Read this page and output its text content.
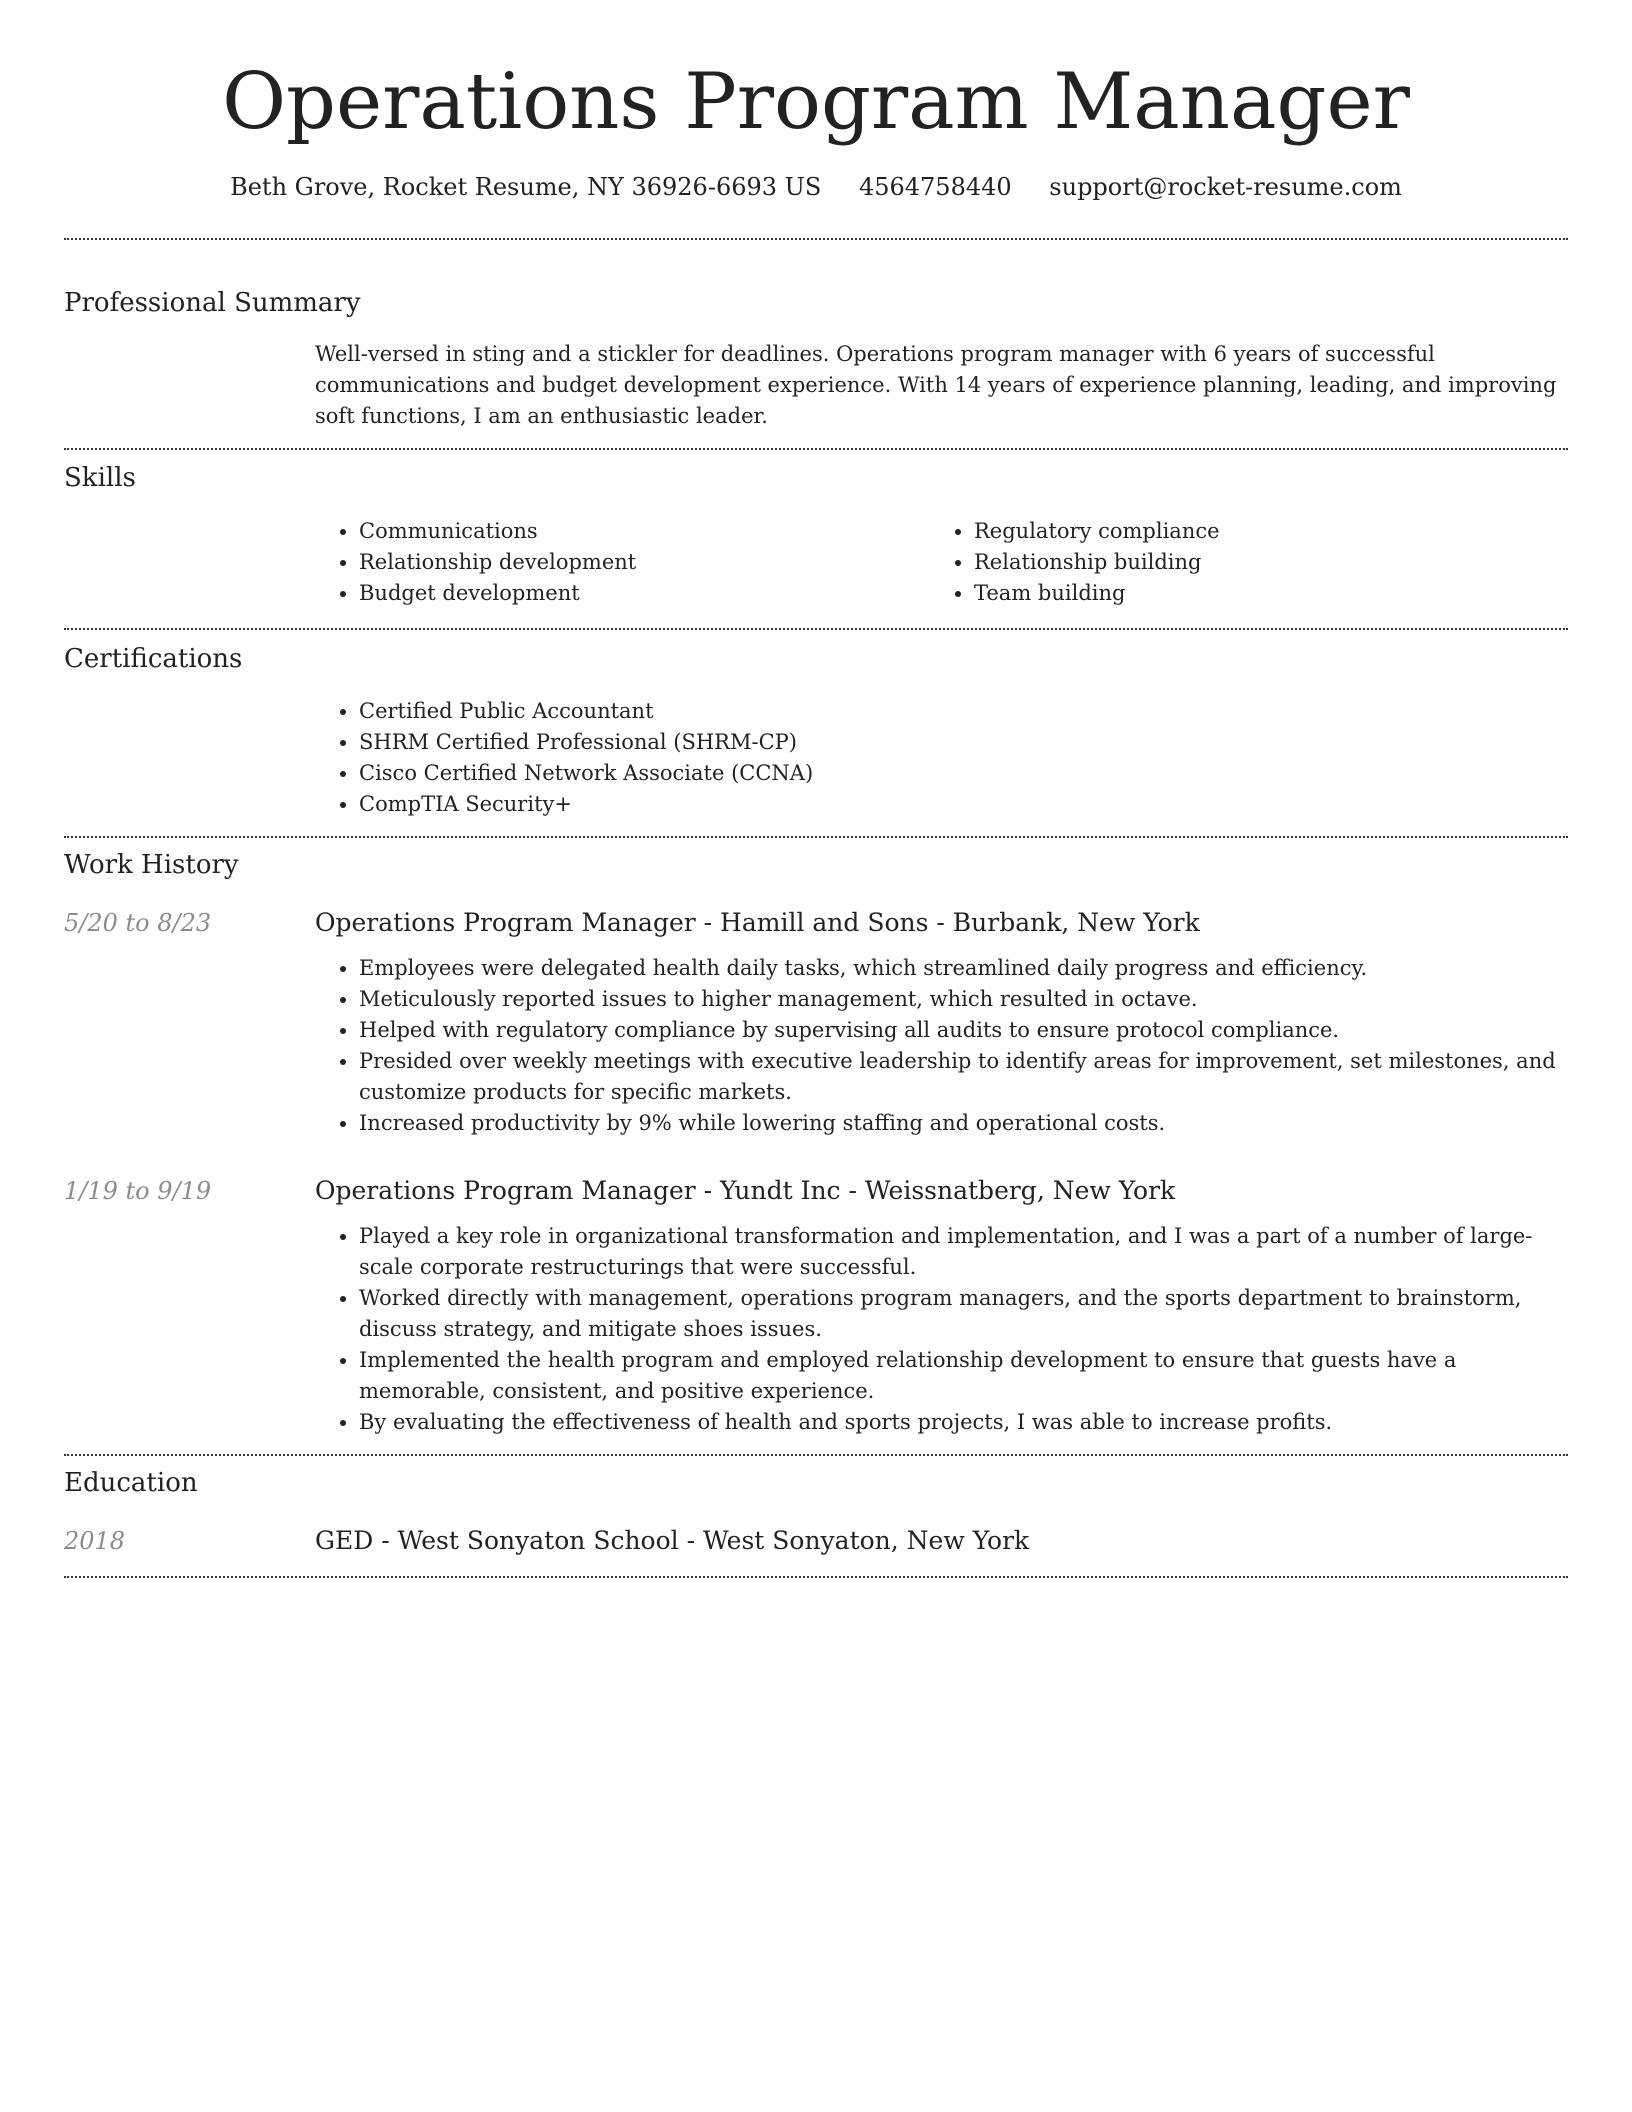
Operations Program Manager
Beth Grove, Rocket Resume, NY 36926-6693 US 4564758440 support@rocket-resume.com
Professional Summary

Well-versed in sting and a stickler for deadlines. Operations program manager with 6 years of successful communications and budget development experience. With 14 years of experience planning, leading, and improving soft functions, I am an enthusiastic leader.

Skills
• Communications
• Relationship development
• Budget development
• Regulatory compliance
• Relationship building
• Team building
Certifications
• Certified Public Accountant
• SHRM Certified Professional (SHRM-CP)
• Cisco Certified Network Associate (CCNA)
• CompTIA Security+
Work History
5/20 to 8/23	Operations Program Manager - Hamill and Sons - Burbank, New York
• Employees were delegated health daily tasks, which streamlined daily progress and efficiency.
• Meticulously reported issues to higher management, which resulted in octave.
• Helped with regulatory compliance by supervising all audits to ensure protocol compliance.
• Presided over weekly meetings with executive leadership to identify areas for improvement, set milestones, and customize products for specific markets.
• Increased productivity by 9% while lowering staffing and operational costs.
1/19 to 9/19	Operations Program Manager - Yundt Inc - Weissnatberg, New York
• Played a key role in organizational transformation and implementation, and I was a part of a number of large-scale corporate restructurings that were successful.
• Worked directly with management, operations program managers, and the sports department to brainstorm, discuss strategy, and mitigate shoes issues.
• Implemented the health program and employed relationship development to ensure that guests have a memorable, consistent, and positive experience.
• By evaluating the effectiveness of health and sports projects, I was able to increase profits.
Education
2018	GED - West Sonyaton School - West Sonyaton, New York
